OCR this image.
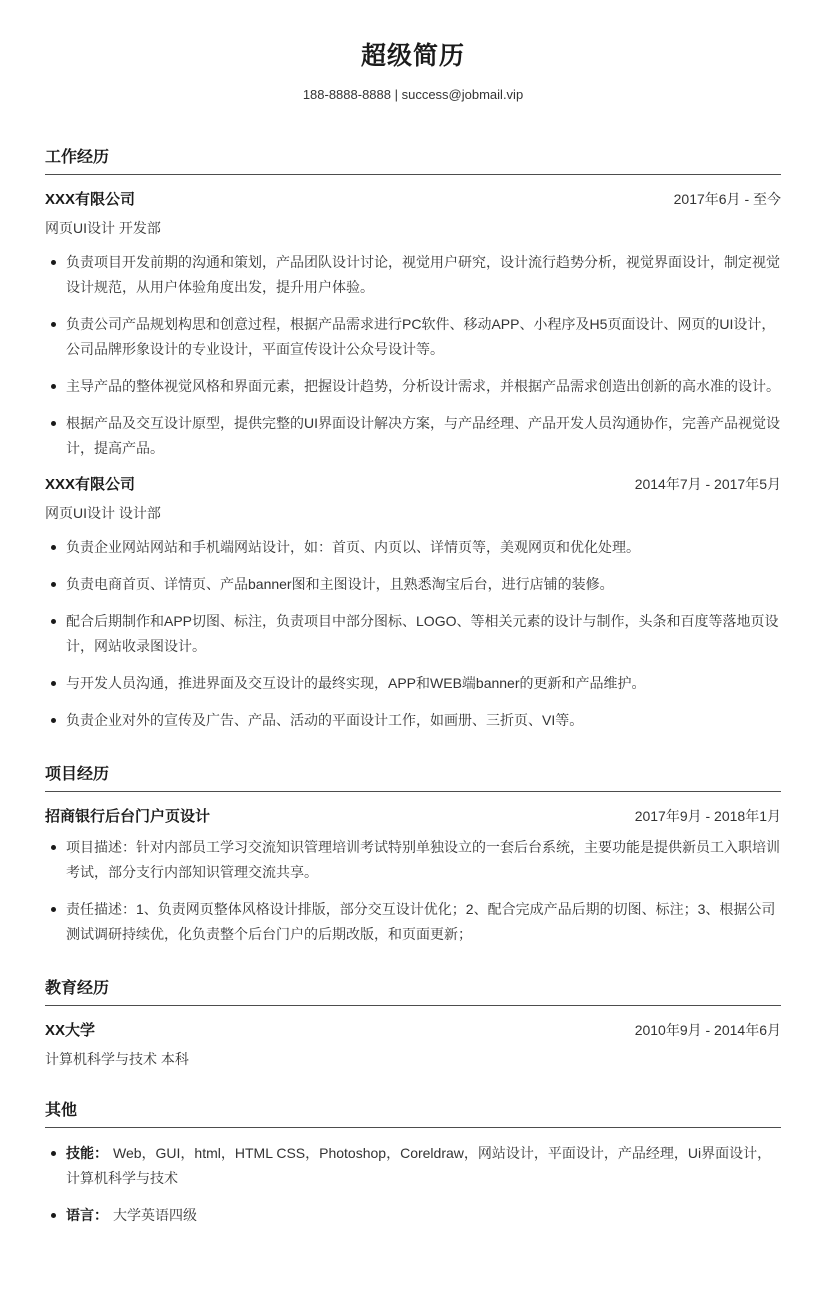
超级简历
188-8888-8888 | success@jobmail.vip
工作经历
XXX有限公司	2017年6月 - 至今
网页UI设计 开发部
负责项目开发前期的沟通和策划，产品团队设计讨论，视觉用户研究，设计流行趋势分析，视觉界面设计，制定视觉设计规范，从用户体验角度出发，提升用户体验。
负责公司产品规划构思和创意过程，根据产品需求进行PC软件、移动APP、小程序及H5页面设计、网页的UI设计，公司品牌形象设计的专业设计，平面宣传设计公众号设计等。
主导产品的整体视觉风格和界面元素，把握设计趋势，分析设计需求，并根据产品需求创造出创新的高水准的设计。
根据产品及交互设计原型，提供完整的UI界面设计解决方案，与产品经理、产品开发人员沟通协作，完善产品视觉设计，提高产品。
XXX有限公司	2014年7月 - 2017年5月
网页UI设计 设计部
负责企业网站网站和手机端网站设计，如：首页、内页以、详情页等，美观网页和优化处理。
负责电商首页、详情页、产品banner图和主图设计，且熟悉淘宝后台，进行店铺的装修。
配合后期制作和APP切图、标注，负责项目中部分图标、LOGO、等相关元素的设计与制作，头条和百度等落地页设计，网站收录图设计。
与开发人员沟通，推进界面及交互设计的最终实现，APP和WEB端banner的更新和产品维护。
负责企业对外的宣传及广告、产品、活动的平面设计工作，如画册、三折页、VI等。
项目经历
招商银行后台门户页设计	2017年9月 - 2018年1月
项目描述：针对内部员工学习交流知识管理培训考试特别单独设立的一套后台系统，主要功能是提供新员工入职培训考试，部分支行内部知识管理交流共享。
责任描述：1、负责网页整体风格设计排版，部分交互设计优化；2、配合完成产品后期的切图、标注；3、根据公司测试调研持续优，化负责整个后台门户的后期改版，和页面更新；
教育经历
XX大学	2010年9月 - 2014年6月
计算机科学与技术 本科
其他
技能： Web，GUI，html，HTML CSS，Photoshop，Coreldraw，网站设计，平面设计，产品经理，Ui界面设计，计算机科学与技术
语言： 大学英语四级
